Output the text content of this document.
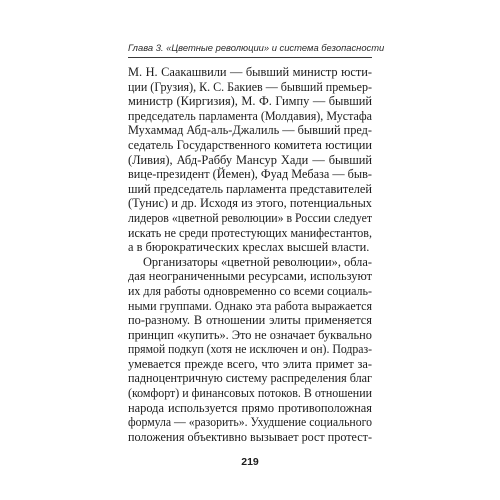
Глава 3. «Цветные революции» и система безопасности
М. Н. Саакашвили — бывший министр юсти-
ции (Грузия), К. С. Бакиев — бывший премьер-
министр (Киргизия), М. Ф. Гимпу — бывший
председатель парламента (Молдавия), Мустафа
Мухаммад Абд-аль-Джалиль — бывший пред-
седатель Государственного комитета юстиции
(Ливия), Абд-Раббу Мансур Хади — бывший
вице-президент (Йемен), Фуад Мебаза — быв-
ший председатель парламента представителей
(Тунис) и др. Исходя из этого, потенциальных
лидеров «цветной революции» в России следует
искать не среди протестующих манифестантов,
а в бюрократических креслах высшей власти.
Организаторы «цветной революции», обла-
дая неограниченными ресурсами, используют
их для работы одновременно со всеми социаль-
ными группами. Однако эта работа выражается
по-разному. В отношении элиты применяется
принцип «купить». Это не означает буквально
прямой подкуп (хотя не исключен и он). Подраз-
умевается прежде всего, что элита примет за-
падноцентричную систему распределения благ
(комфорт) и финансовых потоков. В отношении
народа используется прямо противоположная
формула — «разорить». Ухудшение социального
положения объективно вызывает рост протест-
219
